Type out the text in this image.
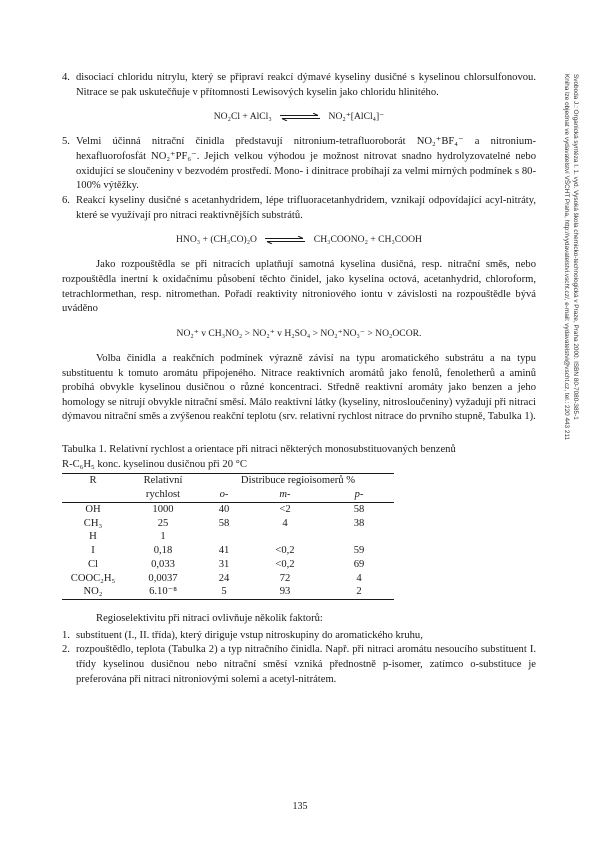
4. disociací chloridu nitrylu, který se připraví reakcí dýmavé kyseliny dusičné s kyselinou chlorsulfonovou. Nitrace se pak uskutečňuje v přítomnosti Lewisových kyselin jako chloridu hlinitého.
NO₂Cl + AlCl₃	NO₂⁺[AlCl₄]⁻
5. Velmi účinná nitrační činidla představují nitronium-tetrafluoroborát NO₂⁺BF₄⁻ a nitronium-hexafluorofosfát NO₂⁺PF₆⁻. Jejich velkou výhodou je možnost nitrovat snadno hydrolyzovatelné nebo oxidující se sloučeniny v bezvodém prostředí. Mono- i dinitrace probíhají za velmi mírných podmínek s 80-100% výtěžky.
6. Reakcí kyseliny dusičné s acetanhydridem, lépe trifluoracetanhydridem, vznikají odpovídající acyl-nitráty, které se využívají pro nitraci reaktivnějších substrátů.
HNO₃ + (CH₃CO)₂O	CH₃COONO₂ + CH₃COOH

Jako rozpouštědla se při nitracích uplatňují samotná kyselina dusičná, resp. nitrační směs, nebo rozpouštědla inertní k oxidačnímu působení těchto činidel, jako kyselina octová, acetanhydrid, chloroform, tetrachlormethan, resp. nitromethan. Pořadí reaktivity nitroniového iontu v závislosti na rozpouštědle bývá uváděno

NO₂⁺ v CH₃NO₂ > NO₂⁺ v H₂SO₄ > NO₂⁺NO₃⁻ > NO₂OCOR.

Volba činidla a reakčních podmínek výrazně závisí na typu aromatického substrátu a na typu substituentu k tomuto aromátu připojeného. Nitrace reaktivních aromátů jako fenolů, fenoletherů a aminů probíhá obvykle kyselinou dusičnou o různé koncentraci. Středně reaktivní aromáty jako benzen a jeho homology se nitrují obvykle nitrační směsí. Málo reaktivní látky (kyseliny, nitrosloučeniny) vyžadují při nitraci dýmavou nitrační směs a zvýšenou reakční teplotu (srv. relativní rychlost nitrace do prvního stupně, Tabulka 1).

Tabulka 1. Relativní rychlost a orientace při nitraci některých monosubstituovaných benzenů
R-C₆H₅ konc. kyselinou dusičnou při 20 °C
R	Relativní	Distribuce regioisomerů %		
	rychlost	o-	m-	p-
OH	1000	40	<2	58
CH₃	25	58	4	38
H	1			
I	0,18	41	<0,2	59
Cl	0,033	31	<0,2	69
COOC₂H₅	0,0037	24	72	4
NO₂	6.10⁻⁸	5	93	2

Regioselektivitu při nitraci ovlivňuje několik faktorů:

1. substituent (I., II. třída), který diriguje vstup nitroskupiny do aromatického kruhu,
2. rozpouštědlo, teplota (Tabulka 2) a typ nitračního činidla. Např. při nitraci aromátu nesoucího substituent I. třídy kyselinou dusičnou nebo nitrační směsí vzniká přednostně p-isomer, zatímco o-substituce je preferována při nitraci nitroniovými solemi a acetyl-nitrátem.
135
Svoboda J.: Organická syntéza I. 1. vyd. Vysoká škola chemicko-technologická v Praze, Praha 2000. ISBN 80-7080-385-1
Kniha lze objednat ve vydavatelství VŠCHT Praha, http://vydavatelstvi.vscht.cz/, e-mail: vydavatelstvi@vscht.cz, tel.: 220 443 211
